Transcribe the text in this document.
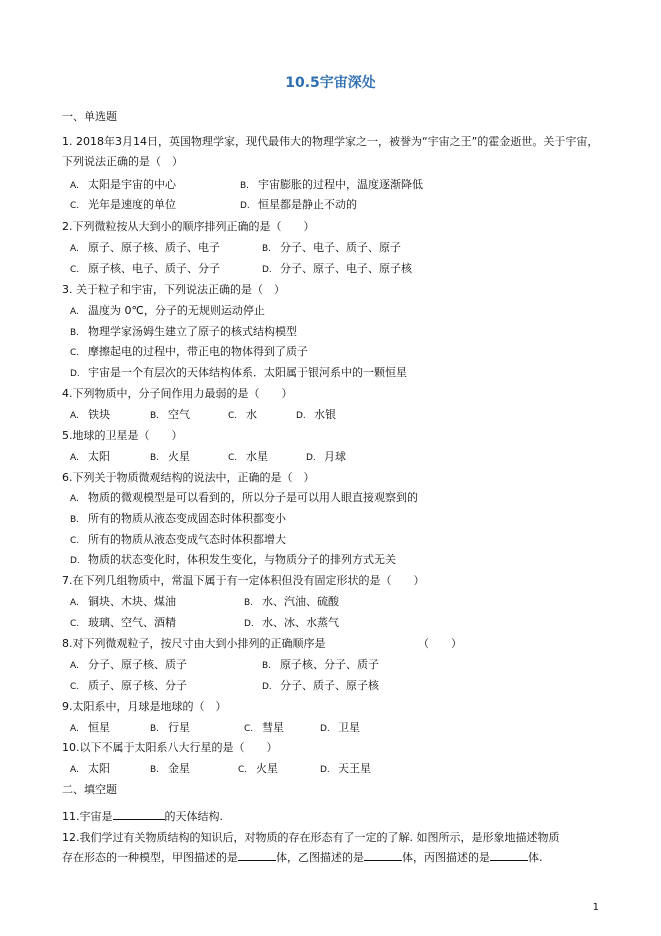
10.5宇宙深处
一、单选题
1. 2018年3月14日，英国物理学家，现代最伟大的物理学家之一，被誉为“宇宙之王”的霍金逝世。关于宇宙，下列说法正确的是（　）
A. 太阳是宇宙的中心	B. 宇宙膨胀的过程中，温度逐渐降低
C. 光年是速度的单位	D. 恒星都是静止不动的
2.下列微粒按从大到小的顺序排列正确的是（　　）
A. 原子、原子核、质子、电子	B. 分子、电子、质子、原子
C. 原子核、电子、质子、分子	D. 分子、原子、电子、原子核
3. 关于粒子和宇宙，下列说法正确的是（　）
A. 温度为 0℃，分子的无规则运动停止
B. 物理学家汤姆生建立了原子的核式结构模型
C. 摩擦起电的过程中，带正电的物体得到了质子
D. 宇宙是一个有层次的天体结构体系．太阳属于银河系中的一颗恒星
4.下列物质中，分子间作用力最弱的是（　　）
A. 铁块	B. 空气	C. 水	D. 水银
5.地球的卫星是（　　）
A. 太阳	B. 火星	C. 水星	D. 月球
6.下列关于物质微观结构的说法中，正确的是（　）
A. 物质的微观模型是可以看到的，所以分子是可以用人眼直接观察到的
B. 所有的物质从液态变成固态时体积都变小
C. 所有的物质从液态变成气态时体积都增大
D. 物质的状态变化时，体积发生变化，与物质分子的排列方式无关
7.在下列几组物质中，常温下属于有一定体积但没有固定形状的是（　　）
A. 铜块、木块、煤油	B. 水、汽油、硫酸
C. 玻璃、空气、酒精	D. 水、冰、水蒸气
8.对下列微观粒子，按尺寸由大到小排列的正确顺序是	（　　）
A. 分子、原子核、质子	B. 原子核、分子、质子
C. 质子、原子核、分子	D. 分子、质子、原子核
9.太阳系中，月球是地球的（　）
A. 恒星	B. 行星	C. 彗星	D. 卫星
10.以下不属于太阳系八大行星的是（　　）
A. 太阳	B. 金星	C. 火星	D. 天王星
二、填空题
11.宇宙是	的天体结构.
12.我们学过有关物质结构的知识后，对物质的存在形态有了一定的了解. 如图所示，是形象地描述物质
存在形态的一种模型，甲图描述的是	体，乙图描述的是	体，丙图描述的是	体.
1
